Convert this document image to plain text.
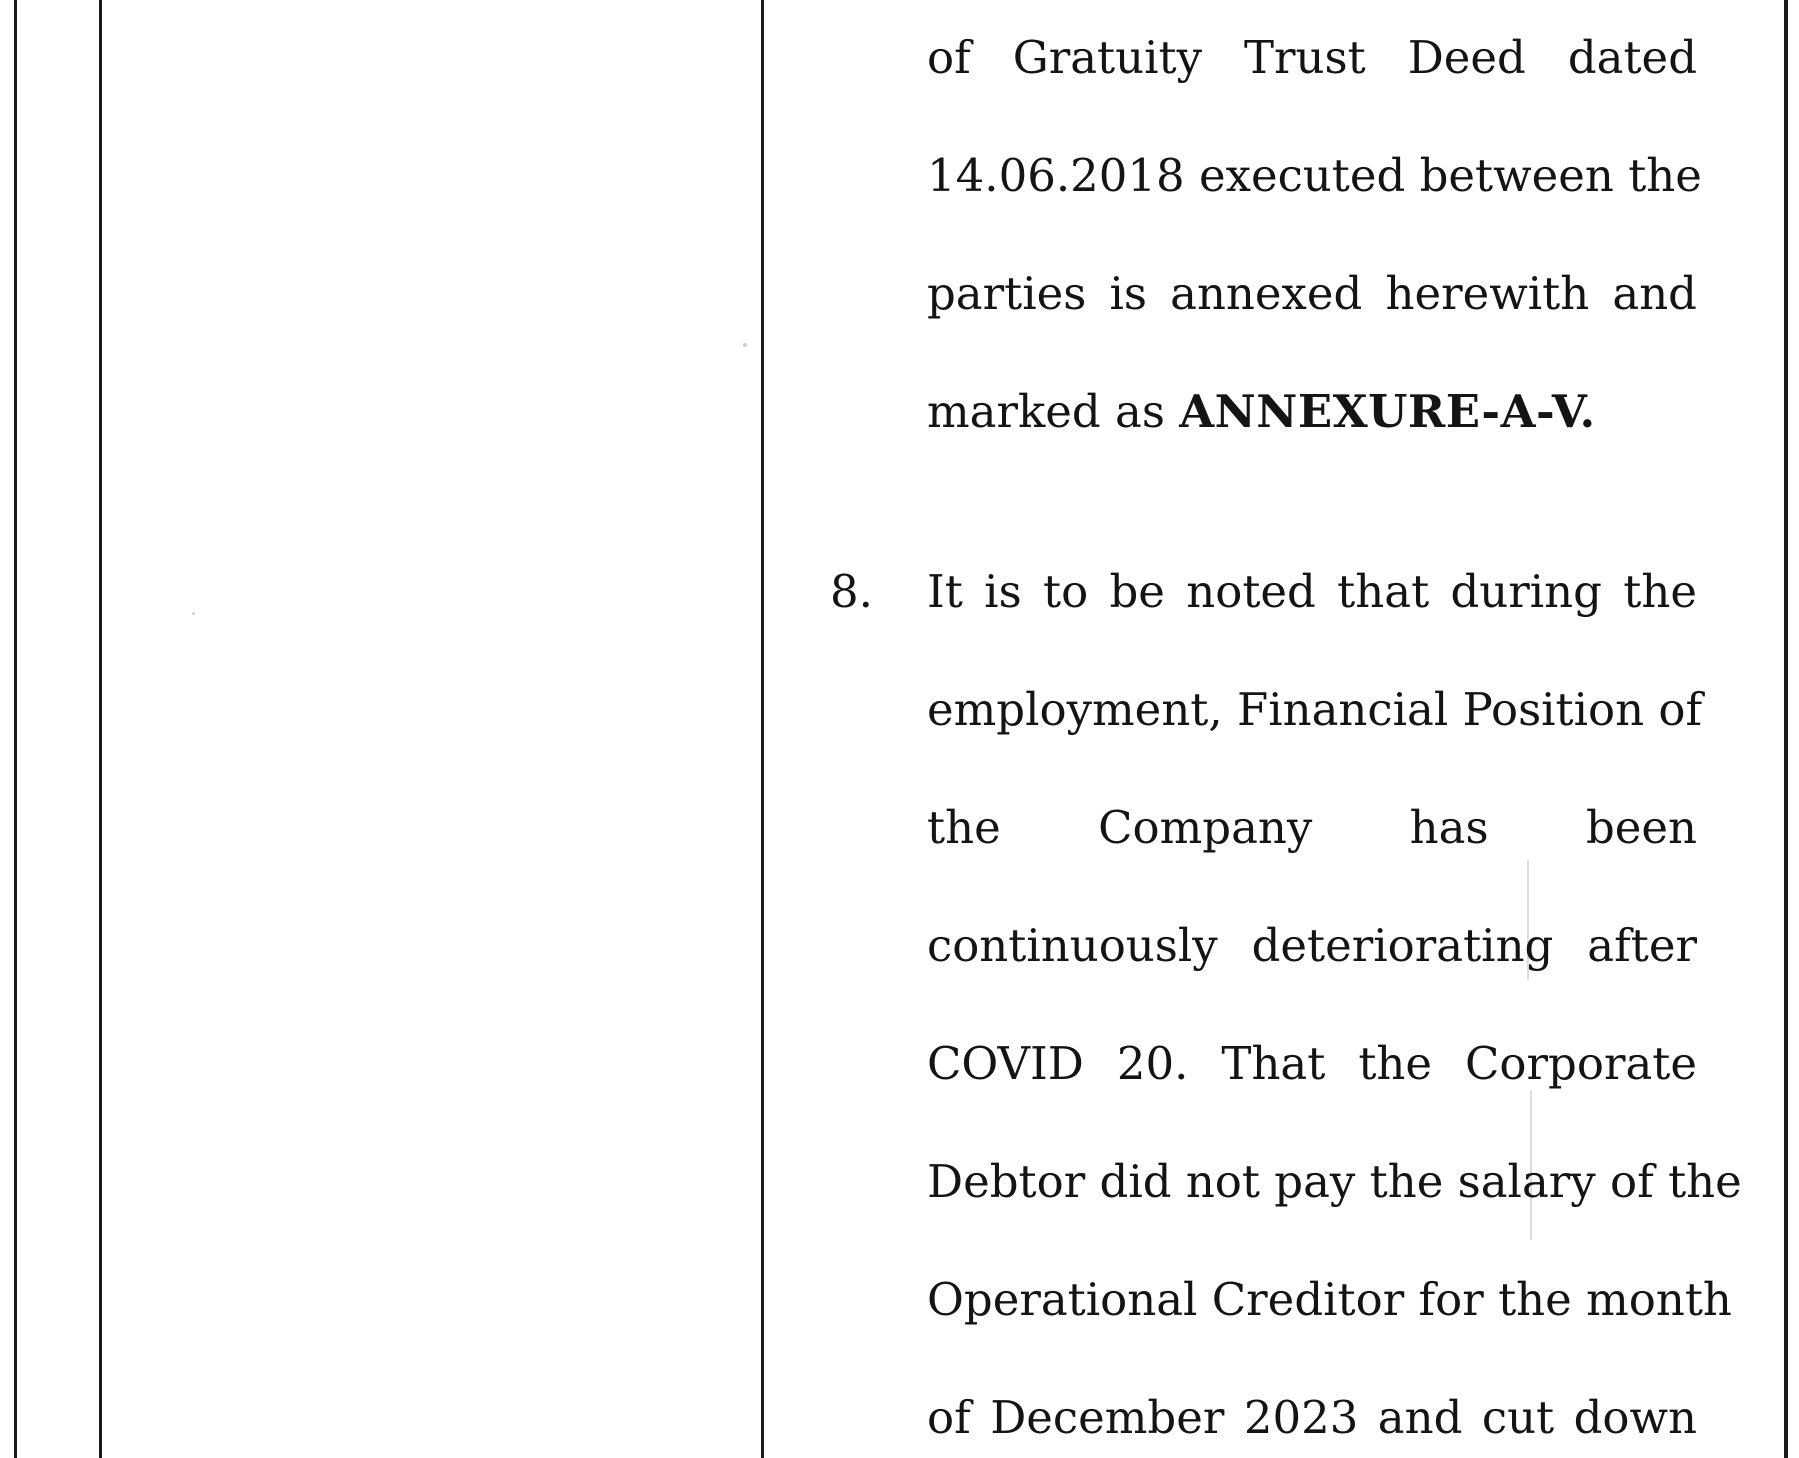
of Gratuity Trust Deed dated
14.06.2018 executed between the
parties is annexed herewith and
marked as ANNEXURE-A-V.
8.	It is to be noted that during the
employment, Financial Position of
the Company has been
continuously deteriorating after
COVID 20. That the Corporate
Debtor did not pay the salary of the
Operational Creditor for the month
of December 2023 and cut down
